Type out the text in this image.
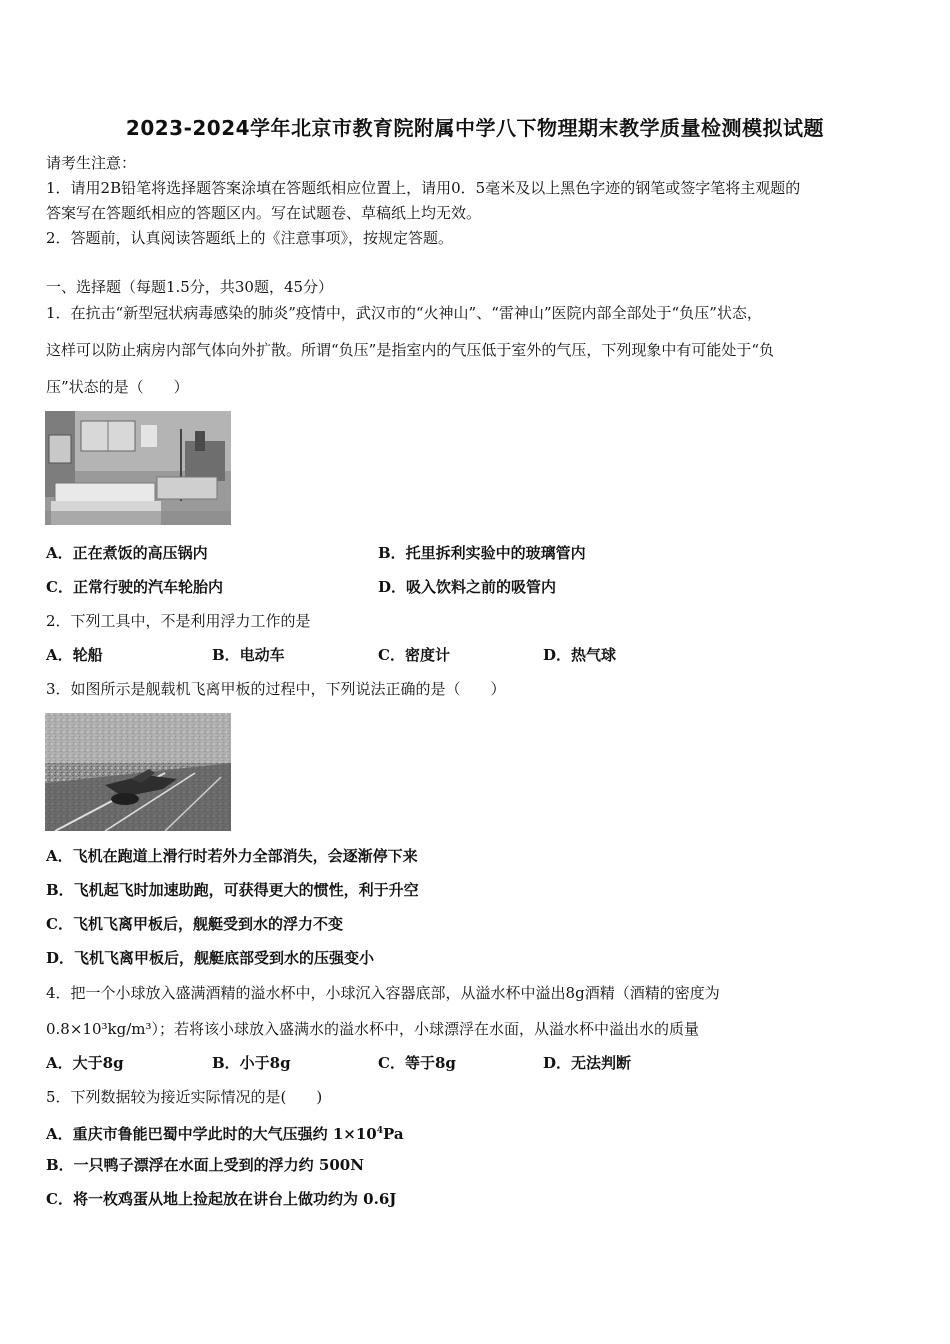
2023-2024学年北京市教育院附属中学八下物理期末教学质量检测模拟试题
请考生注意：
1．请用2B铅笔将选择题答案涂填在答题纸相应位置上，请用0．5毫米及以上黑色字迹的钢笔或签字笔将主观题的
答案写在答题纸相应的答题区内。写在试题卷、草稿纸上均无效。
2．答题前，认真阅读答题纸上的《注意事项》，按规定答题。
一、选择题（每题1.5分，共30题，45分）
1．在抗击“新型冠状病毒感染的肺炎”疫情中，武汉市的“火神山”、“雷神山”医院内部全部处于“负压”状态，
这样可以防止病房内部气体向外扩散。所谓“负压”是指室内的气压低于室外的气压，下列现象中有可能处于“负
压”状态的是（　　）
A．正在煮饭的高压锅内	B．托里拆利实验中的玻璃管内
C．正常行驶的汽车轮胎内	D．吸入饮料之前的吸管内
2．下列工具中，不是利用浮力工作的是
A．轮船	B．电动车	C．密度计	D．热气球
3．如图所示是舰载机飞离甲板的过程中，下列说法正确的是（　　）
A．飞机在跑道上滑行时若外力全部消失，会逐渐停下来
B．飞机起飞时加速助跑，可获得更大的惯性，利于升空
C．飞机飞离甲板后，舰艇受到水的浮力不变
D．飞机飞离甲板后，舰艇底部受到水的压强变小
4．把一个小球放入盛满酒精的溢水杯中，小球沉入容器底部，从溢水杯中溢出8g酒精（酒精的密度为
0.8×10³kg/m³）；若将该小球放入盛满水的溢水杯中，小球漂浮在水面，从溢水杯中溢出水的质量
A．大于8g	B．小于8g	C．等于8g	D．无法判断
5．下列数据较为接近实际情况的是(　　)
A．重庆市鲁能巴蜀中学此时的大气压强约 $1\times 10^4Pa$
B．一只鸭子漂浮在水面上受到的浮力约 500N
C．将一枚鸡蛋从地上捡起放在讲台上做功约为 0.6J
